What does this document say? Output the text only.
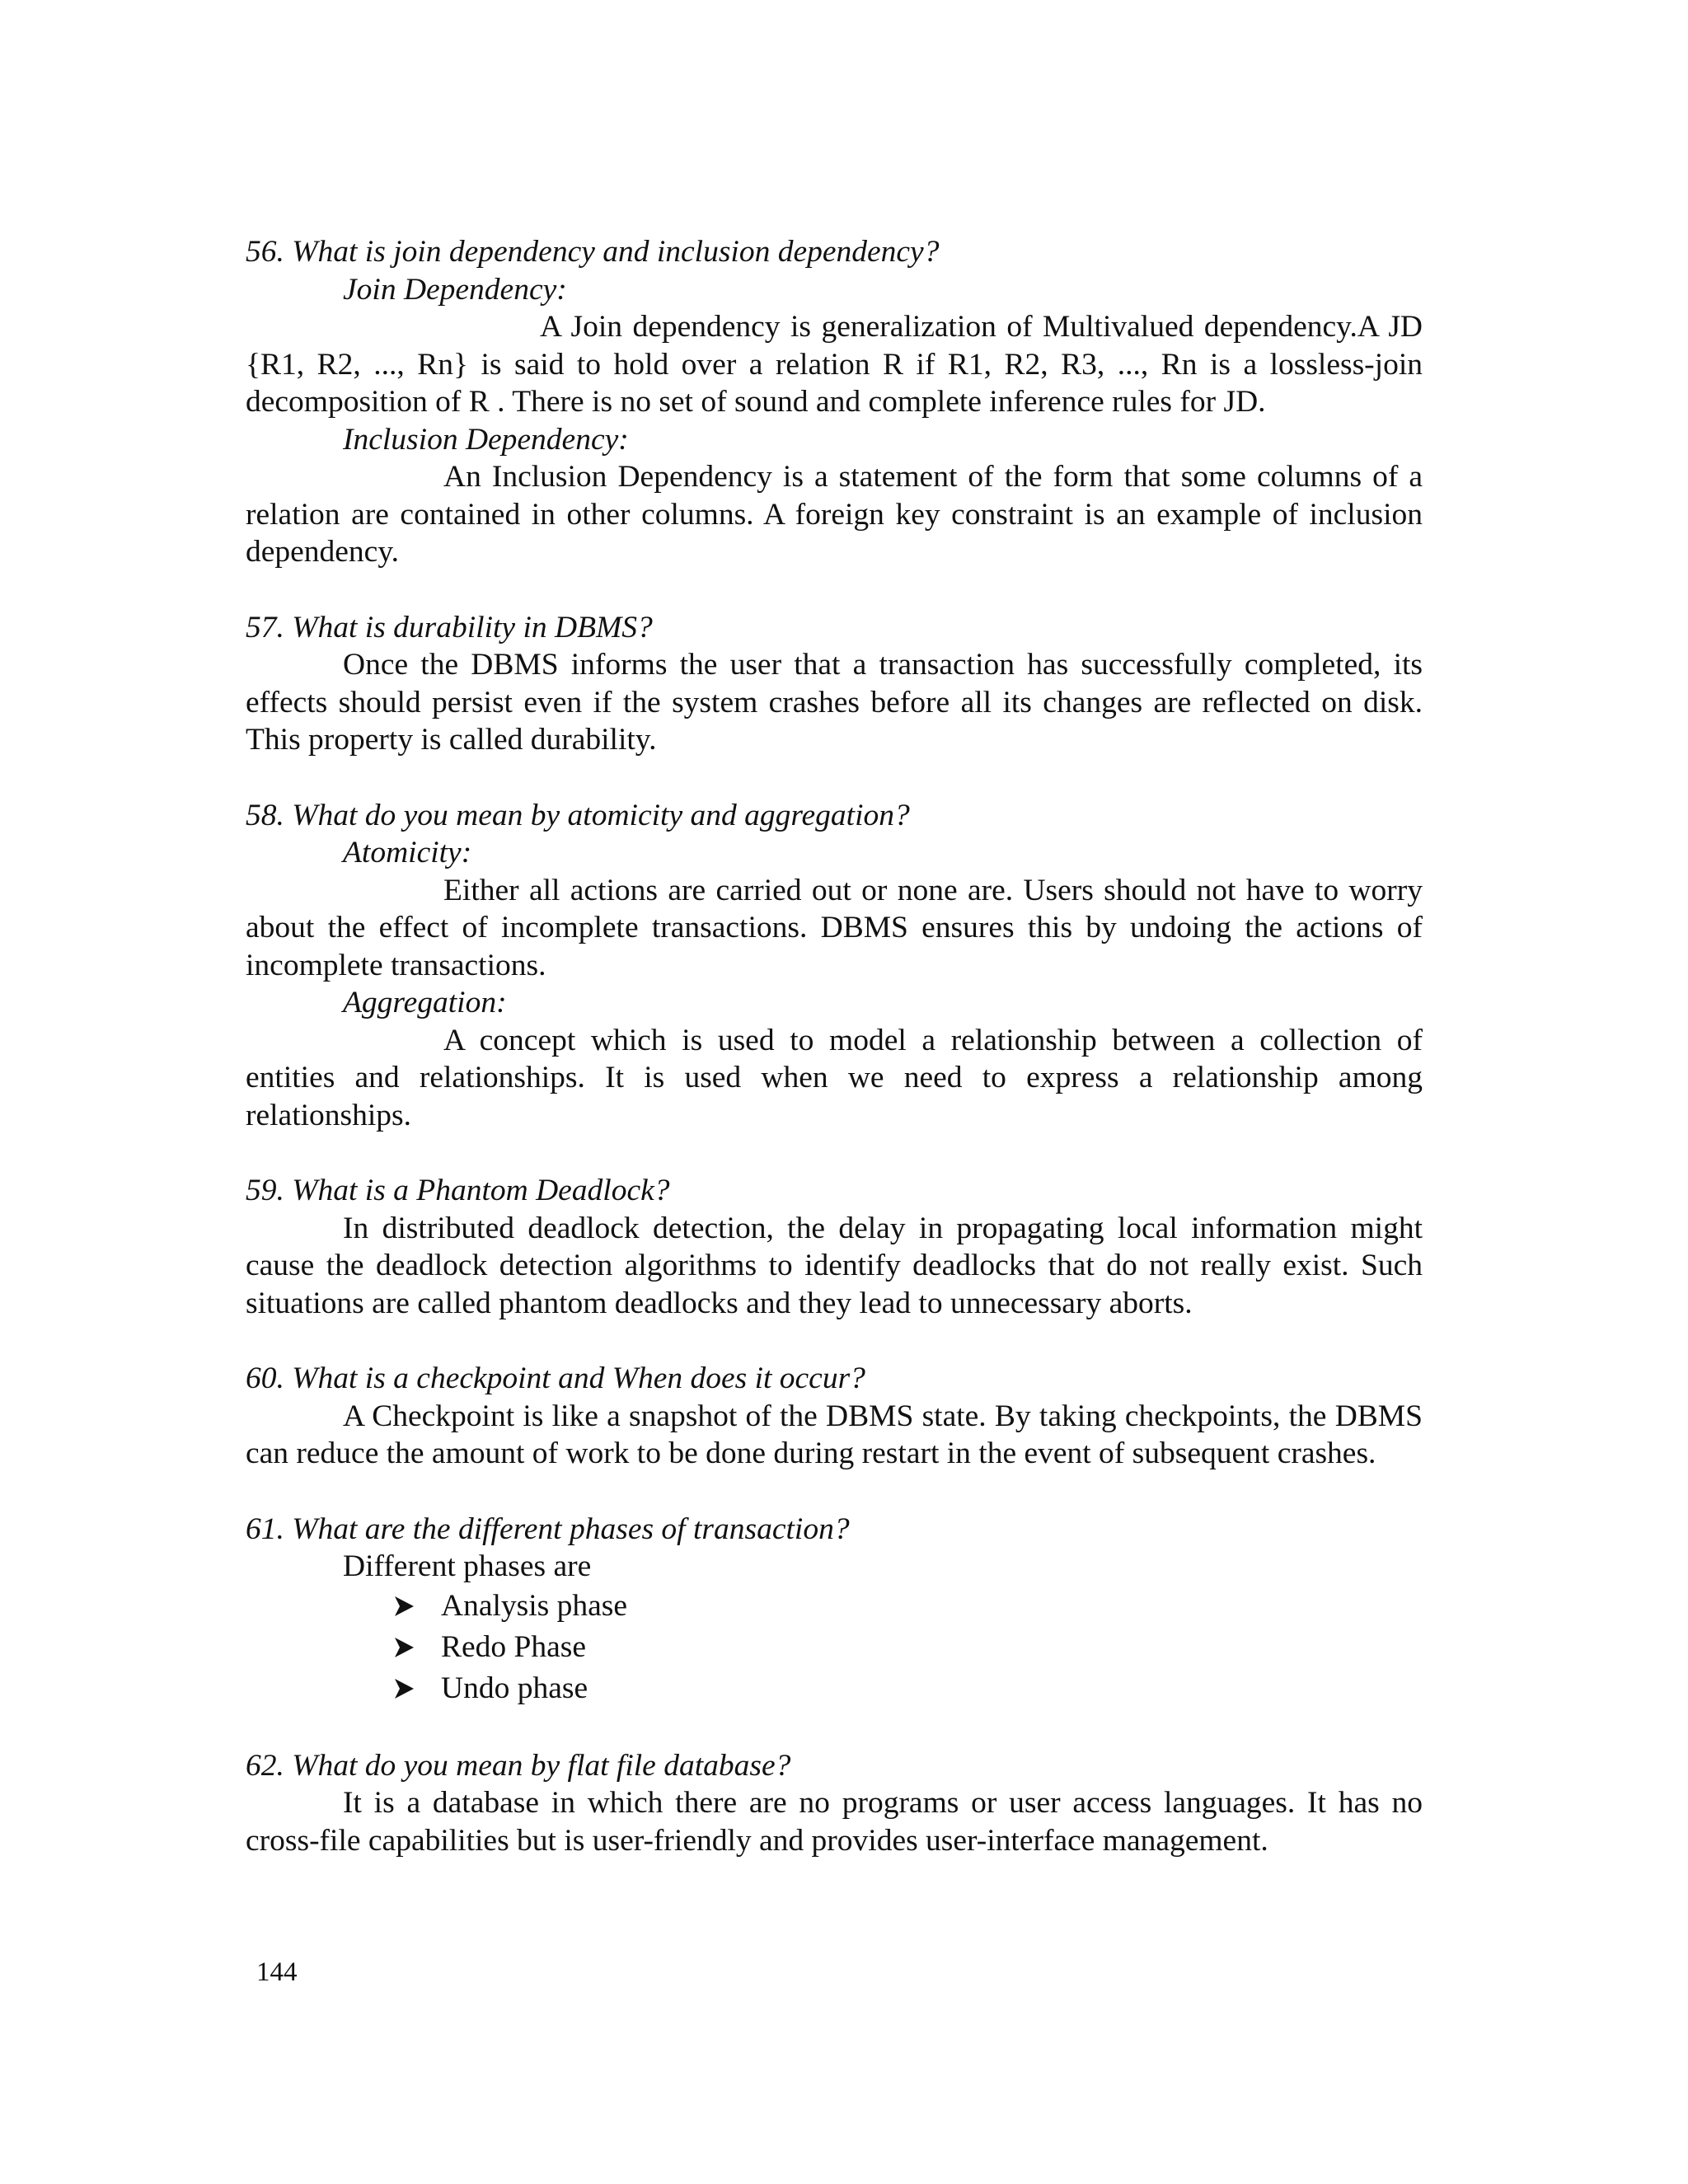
56. What is join dependency and inclusion dependency?

Join Dependency:

A Join dependency is generalization of Multivalued dependency.A JD {R1, R2, ..., Rn} is said to hold over a relation R if R1, R2, R3, ..., Rn is a lossless-join decomposition of R . There is no set of sound and complete inference rules for JD.

Inclusion Dependency:

An Inclusion Dependency is a statement of the form that some columns of a relation are contained in other columns. A foreign key constraint is an example of inclusion dependency.

57. What is durability in DBMS?

Once the DBMS informs the user that a transaction has successfully completed, its effects should persist even if the system crashes before all its changes are reflected on disk. This property is called durability.

58. What do you mean by atomicity and aggregation?

Atomicity:

Either all actions are carried out or none are. Users should not have to worry about the effect of incomplete transactions. DBMS ensures this by undoing the actions of incomplete transactions.

Aggregation:

A concept which is used to model a relationship between a collection of entities and relationships. It is used when we need to express a relationship among relationships.

59. What is a Phantom Deadlock?

In distributed deadlock detection, the delay in propagating local information might cause the deadlock detection algorithms to identify deadlocks that do not really exist. Such situations are called phantom deadlocks and they lead to unnecessary aborts.

60. What is a checkpoint and When does it occur?

A Checkpoint is like a snapshot of the DBMS state. By taking checkpoints, the DBMS can reduce the amount of work to be done during restart in the event of subsequent crashes.

61. What are the different phases of transaction?

Different phases are

Analysis phase
Redo Phase
Undo phase

62. What do you mean by flat file database?

It is a database in which there are no programs or user access languages. It has no cross-file capabilities but is user-friendly and provides user-interface management.

144
